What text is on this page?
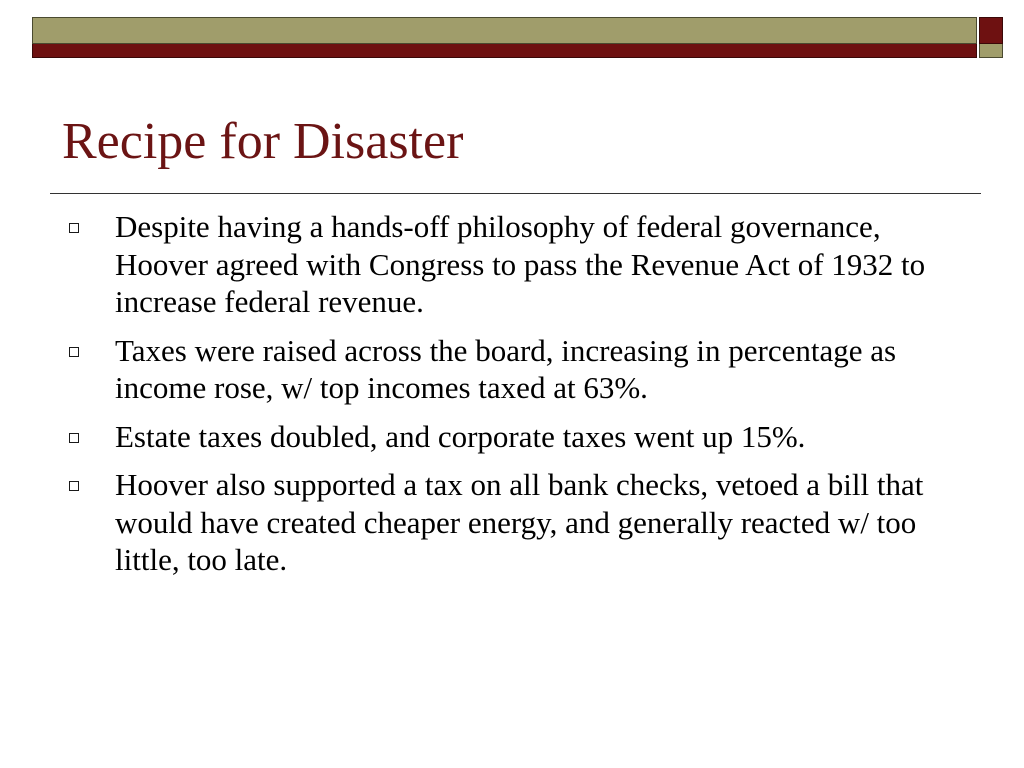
Recipe for Disaster
Despite having a hands-off philosophy of federal governance, Hoover agreed with Congress to pass the Revenue Act of 1932 to increase federal revenue.
Taxes were raised across the board, increasing in percentage as income rose, w/ top incomes taxed at 63%.
Estate taxes doubled, and corporate taxes went up 15%.
Hoover also supported a tax on all bank checks, vetoed a bill that would have created cheaper energy, and generally reacted w/ too little, too late.
